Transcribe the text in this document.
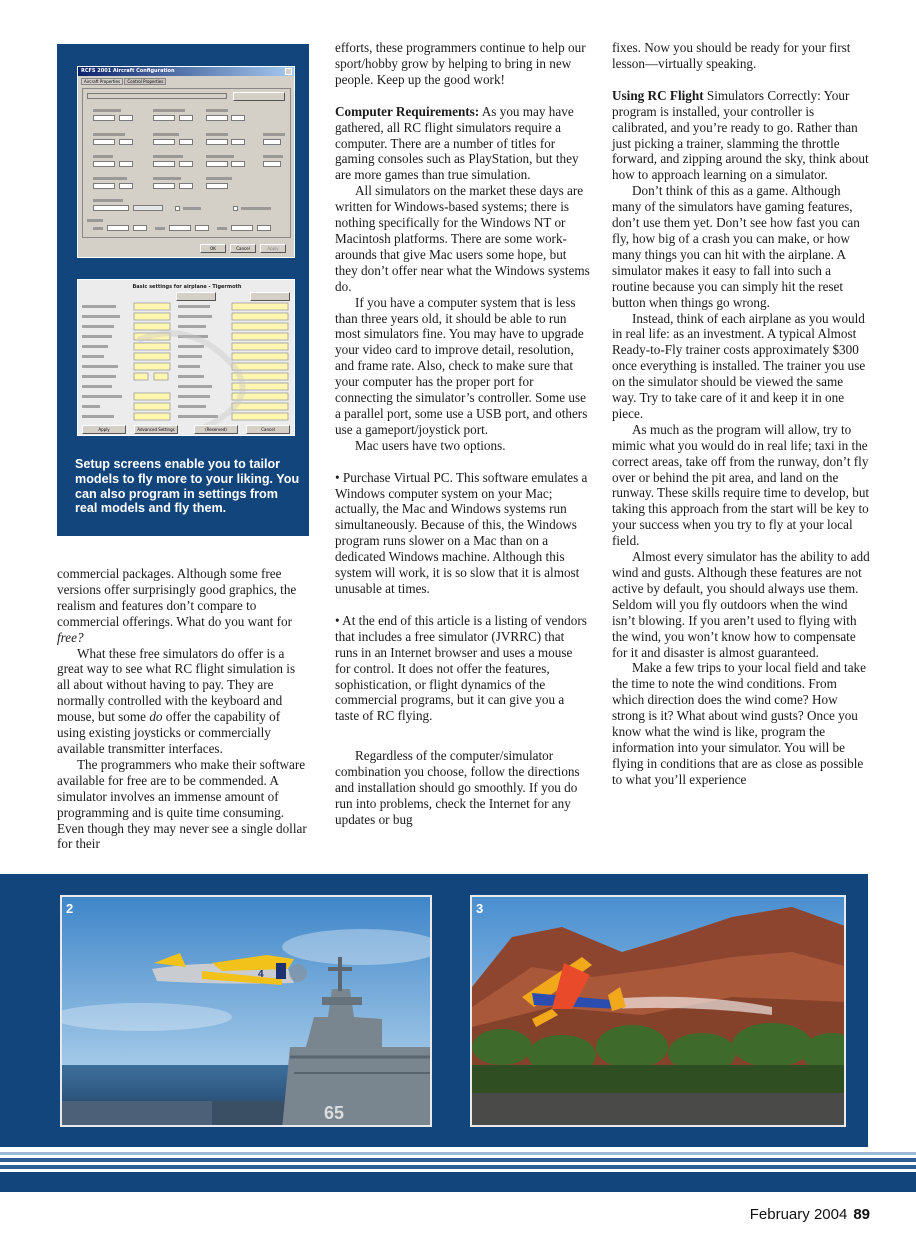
RCFS 2001 Aircraft Configuration
Aircraft Properties Control Properties
OK	Cancel	Apply
Basic settings for airplane - Tigermoth
Apply	Advanced Settings	(Reserved)	Cancel
Setup screens enable you to tailor models to fly more to your liking. You can also program in settings from real models and fly them.

commercial packages. Although some free versions offer surprisingly good graphics, the realism and features don’t compare to commercial offerings. What do you want for free?

What these free simulators do offer is a great way to see what RC flight simulation is all about without having to pay. They are normally controlled with the keyboard and mouse, but some do offer the capability of using existing joysticks or commercially available transmitter interfaces.

The programmers who make their software available for free are to be commended. A simulator involves an immense amount of programming and is quite time consuming. Even though they may never see a single dollar for their

efforts, these programmers continue to help our sport/hobby grow by helping to bring in new people. Keep up the good work!

Computer Requirements: As you may have gathered, all RC flight simulators require a computer. There are a number of titles for gaming consoles such as PlayStation, but they are more games than true simulation.

All simulators on the market these days are written for Windows-based systems; there is nothing specifically for the Windows NT or Macintosh platforms. There are some work-arounds that give Mac users some hope, but they don’t offer near what the Windows systems do.

If you have a computer system that is less than three years old, it should be able to run most simulators fine. You may have to upgrade your video card to improve detail, resolution, and frame rate. Also, check to make sure that your computer has the proper port for connecting the simulator’s controller. Some use a parallel port, some use a USB port, and others use a gameport/joystick port.

Mac users have two options.

• Purchase Virtual PC. This software emulates a Windows computer system on your Mac; actually, the Mac and Windows systems run simultaneously. Because of this, the Windows program runs slower on a Mac than on a dedicated Windows machine. Although this system will work, it is so slow that it is almost unusable at times.

• At the end of this article is a listing of vendors that includes a free simulator (JVRRC) that runs in an Internet browser and uses a mouse for control. It does not offer the features, sophistication, or flight dynamics of the commercial programs, but it can give you a taste of RC flying.

Regardless of the computer/simulator combination you choose, follow the directions and installation should go smoothly. If you do run into problems, check the Internet for any updates or bug

fixes. Now you should be ready for your first lesson—virtually speaking.

Using RC Flight Simulators Correctly: Your program is installed, your controller is calibrated, and you’re ready to go. Rather than just picking a trainer, slamming the throttle forward, and zipping around the sky, think about how to approach learning on a simulator.

Don’t think of this as a game. Although many of the simulators have gaming features, don’t use them yet. Don’t see how fast you can fly, how big of a crash you can make, or how many things you can hit with the airplane. A simulator makes it easy to fall into such a routine because you can simply hit the reset button when things go wrong.

Instead, think of each airplane as you would in real life: as an investment. A typical Almost Ready-to-Fly trainer costs approximately $300 once everything is installed. The trainer you use on the simulator should be viewed the same way. Try to take care of it and keep it in one piece.

As much as the program will allow, try to mimic what you would do in real life; taxi in the correct areas, take off from the runway, don’t fly over or behind the pit area, and land on the runway. These skills require time to develop, but taking this approach from the start will be key to your success when you try to fly at your local field.

Almost every simulator has the ability to add wind and gusts. Although these features are not active by default, you should always use them. Seldom will you fly outdoors when the wind isn’t blowing. If you aren’t used to flying with the wind, you won’t know how to compensate for it and disaster is almost guaranteed.

Make a few trips to your local field and take the time to note the wind conditions. From which direction does the wind come? How strong is it? What about wind gusts? Once you know what the wind is like, program the information into your simulator. You will be flying in conditions that are as close as possible to what you’ll experience

65
4
2	3
February 2004 89
